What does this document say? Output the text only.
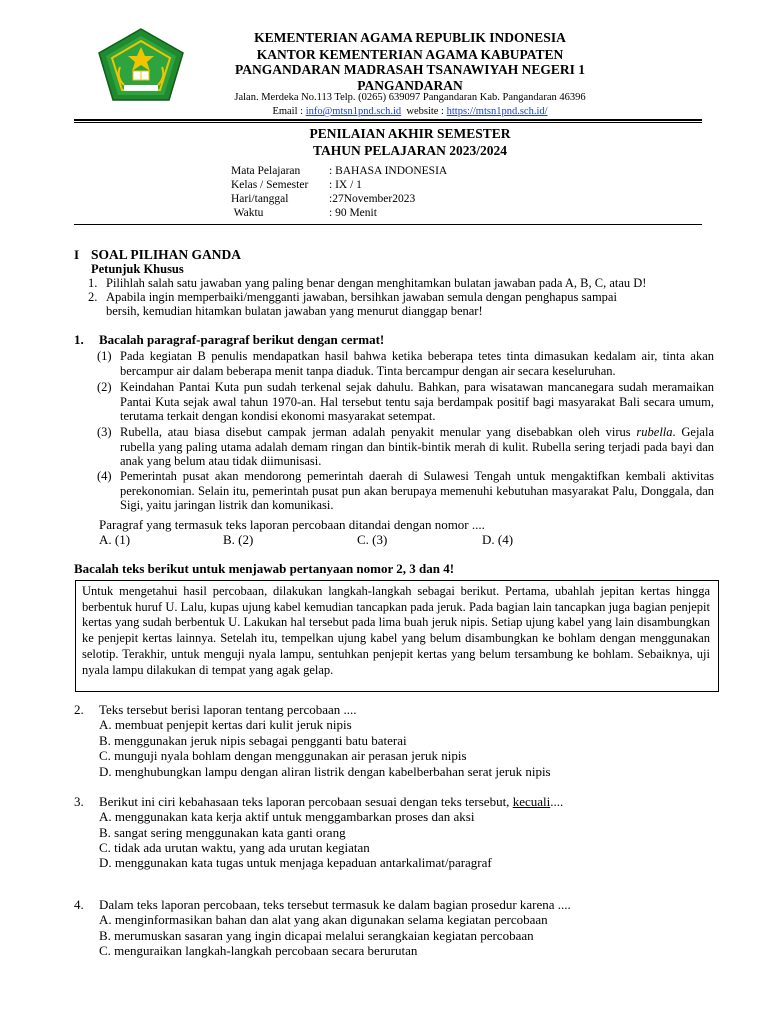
KEMENTERIAN AGAMA REPUBLIK INDONESIA
KANTOR KEMENTERIAN AGAMA KABUPATEN
PANGANDARAN MADRASAH TSANAWIYAH NEGERI 1
PANGANDARAN
Jalan. Merdeka No.113 Telp. (0265) 639097 Pangandaran Kab. Pangandaran 46396
Email : info@mtsn1pnd.sch.id  website : https://mtsn1pnd.sch.id/
PENILAIAN AKHIR SEMESTER
TAHUN PELAJARAN 2023/2024
Mata Pelajaran : BAHASA INDONESIA
Kelas / Semester : IX / 1
Hari/tanggal	:27November2023
Waktu	: 90 Menit
I SOAL PILIHAN GANDA
Petunjuk Khusus
1. Pilihlah salah satu jawaban yang paling benar dengan menghitamkan bulatan jawaban pada A, B, C, atau D!
2. Apabila ingin memperbaiki/mengganti jawaban, bersihkan jawaban semula dengan penghapus sampai
bersih, kemudian hitamkan bulatan jawaban yang menurut dianggap benar!
1. Bacalah paragraf-paragraf berikut dengan cermat!
(1) Pada kegiatan B penulis mendapatkan hasil bahwa ketika beberapa tetes tinta dimasukan kedalam air, tinta akan bercampur air dalam beberapa menit tanpa diaduk. Tinta bercampur dengan air secara keseluruhan.
(2) Keindahan Pantai Kuta pun sudah terkenal sejak dahulu. Bahkan, para wisatawan mancanegara sudah meramaikan Pantai Kuta sejak awal tahun 1970-an. Hal tersebut tentu saja berdampak positif bagi masyarakat Bali secara umum, terutama terkait dengan kondisi ekonomi masyarakat setempat.
(3) Rubella, atau biasa disebut campak jerman adalah penyakit menular yang disebabkan oleh virus rubella. Gejala rubella yang paling utama adalah demam ringan dan bintik-bintik merah di kulit. Rubella sering terjadi pada bayi dan anak yang belum atau tidak diimunisasi.
(4) Pemerintah pusat akan mendorong pemerintah daerah di Sulawesi Tengah untuk mengaktifkan kembali aktivitas perekonomian. Selain itu, pemerintah pusat pun akan berupaya memenuhi kebutuhan masyarakat Palu, Donggala, dan Sigi, yaitu jaringan listrik dan komunikasi.
Paragraf yang termasuk teks laporan percobaan ditandai dengan nomor ....
A. (1)	B. (2)	C. (3)	D. (4)
Bacalah teks berikut untuk menjawab pertanyaan nomor 2, 3 dan 4!
Untuk mengetahui hasil percobaan, dilakukan langkah-langkah sebagai berikut. Pertama, ubahlah jepitan kertas hingga berbentuk huruf U. Lalu, kupas ujung kabel kemudian tancapkan pada jeruk. Pada bagian lain tancapkan juga bagian penjepit kertas yang sudah berbentuk U. Lakukan hal tersebut pada lima buah jeruk nipis. Setiap ujung kabel yang lain disambungkan ke penjepit kertas lainnya. Setelah itu, tempelkan ujung kabel yang belum disambungkan ke bohlam dengan menggunakan selotip. Terakhir, untuk menguji nyala lampu, sentuhkan penjepit kertas yang belum tersambung ke bohlam. Sebaiknya, uji nyala lampu dilakukan di tempat yang agak gelap.
2. Teks tersebut berisi laporan tentang percobaan ....
A. membuat penjepit kertas dari kulit jeruk nipis
B. menggunakan jeruk nipis sebagai pengganti batu baterai
C. munguji nyala bohlam dengan menggunakan air perasan jeruk nipis
D. menghubungkan lampu dengan aliran listrik dengan kabelberbahan serat jeruk nipis
3. Berikut ini ciri kebahasaan teks laporan percobaan sesuai dengan teks tersebut, kecuali....
A. menggunakan kata kerja aktif untuk menggambarkan proses dan aksi
B. sangat sering menggunakan kata ganti orang
C. tidak ada urutan waktu, yang ada urutan kegiatan
D. menggunakan kata tugas untuk menjaga kepaduan antarkalimat/paragraf
4. Dalam teks laporan percobaan, teks tersebut termasuk ke dalam bagian prosedur karena ....
A. menginformasikan bahan dan alat yang akan digunakan selama kegiatan percobaan
B. merumuskan sasaran yang ingin dicapai melalui serangkaian kegiatan percobaan
C. menguraikan langkah-langkah percobaan secara berurutan
